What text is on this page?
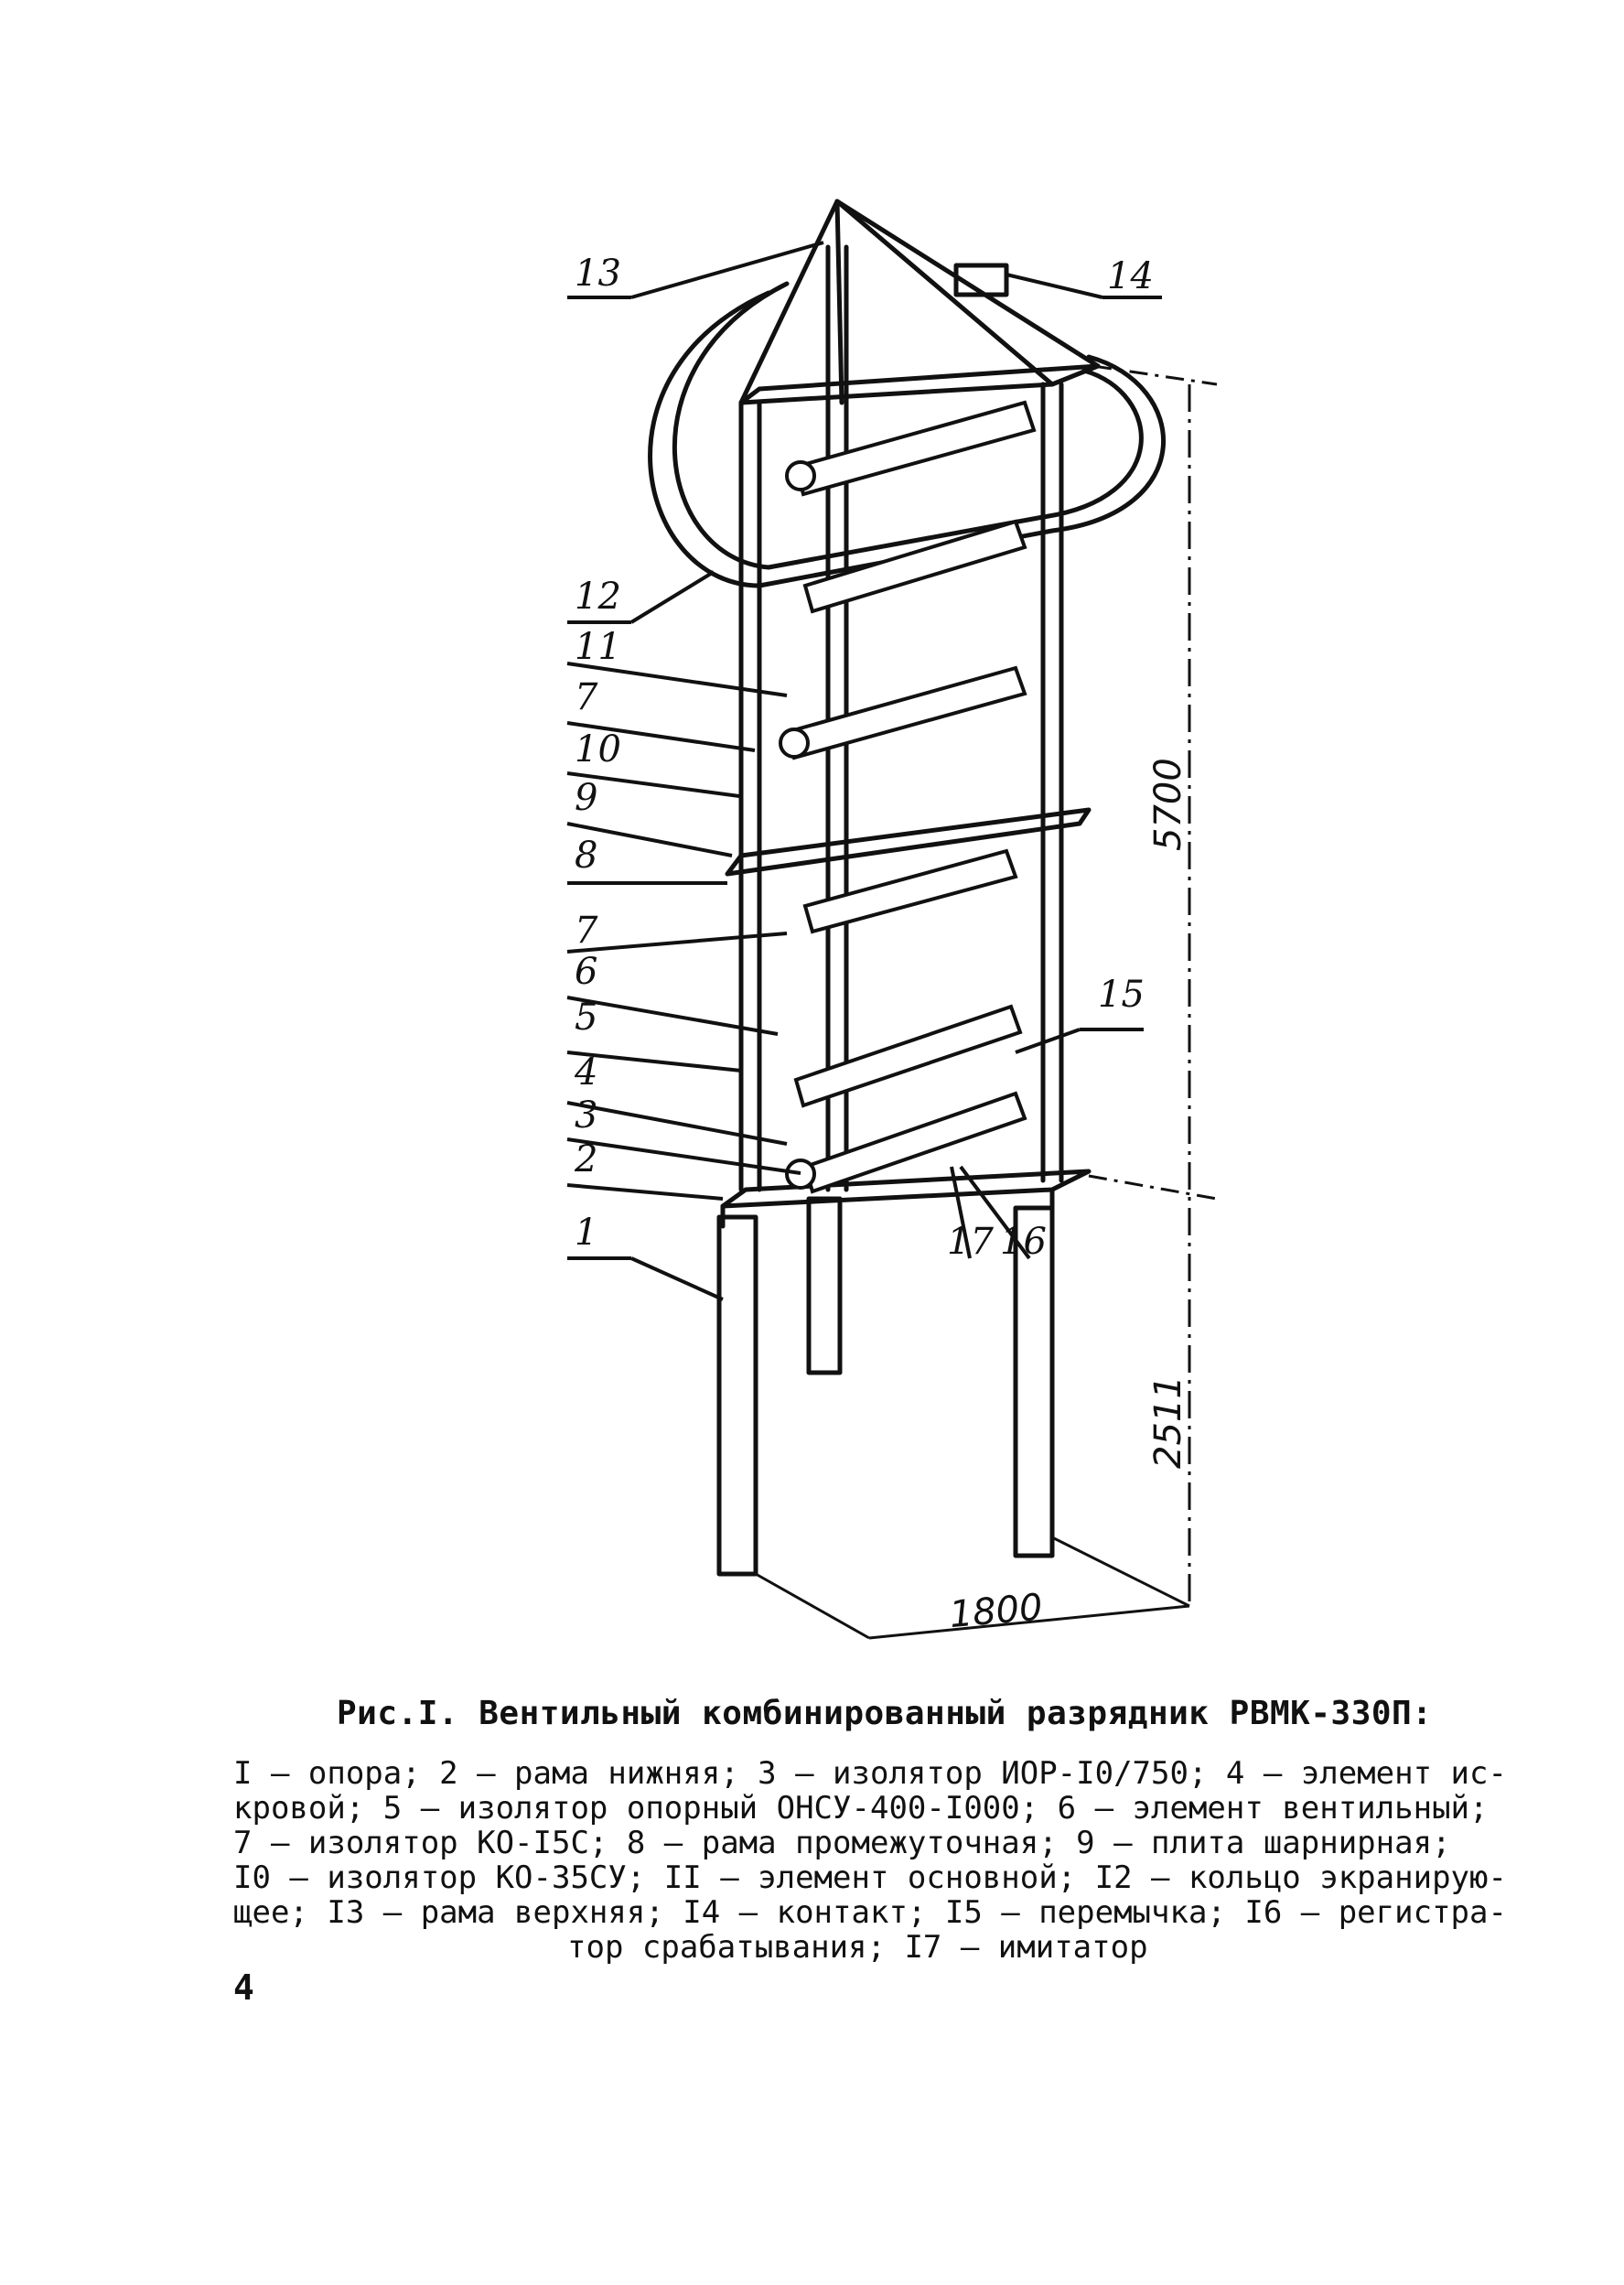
13	14
12
11
7
10
9
8
7
6
5
4
3
2
1
15
17 16
5700
2511
1800
Рис.I. Вентильный комбинированный разрядник РВМК-330П:
I – опора; 2 – рама нижняя; 3 – изолятор ИОР-I0/750; 4 – элемент ис-
кровой; 5 – изолятор опорный ОНСУ-400-I000; 6 – элемент вентильный;
7 – изолятор КО-I5С; 8 – рама промежуточная; 9 – плита шарнирная;
I0 – изолятор КО-35СУ; II – элемент основной; I2 – кольцо экранирую-
щее; I3 – рама верхняя; I4 – контакт; I5 – перемычка; I6 – регистра-
тор срабатывания; I7 – имитатор
4
